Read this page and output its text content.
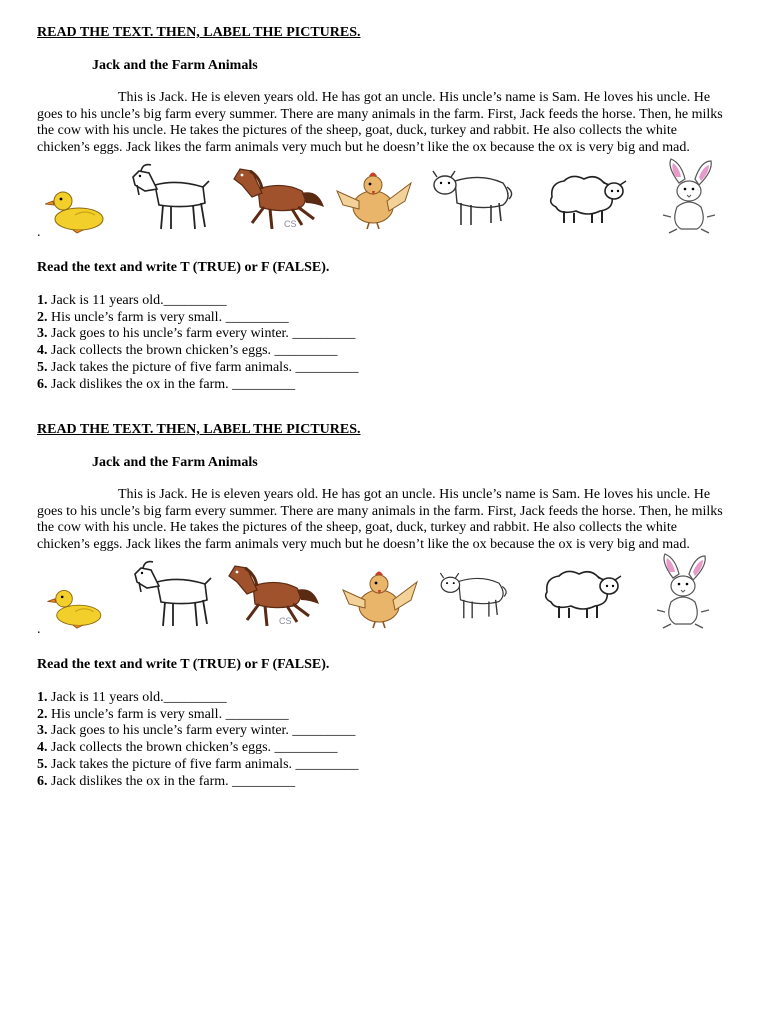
READ THE TEXT. THEN, LABEL THE PICTURES.

Jack and the Farm Animals

This is Jack. He is eleven years old. He has got an uncle. His uncle’s name is Sam. He loves his uncle. He goes to his uncle’s big farm every summer. There are many animals in the farm. First, Jack feeds the horse. Then, he milks the cow with his uncle. He takes the pictures of the sheep, goat, duck, turkey and rabbit. He also collects the white chicken’s eggs. Jack likes the farm animals very much but he doesn’t like the ox because the ox is very big and mad.

.
CS

Read the text and write T (TRUE) or F (FALSE).

1. Jack is 11 years old._________
2. His uncle’s farm is very small. _________
3. Jack goes to his uncle’s farm every winter. _________
4. Jack collects the brown chicken’s eggs. _________
5. Jack takes the picture of five farm animals. _________
6. Jack dislikes the ox in the farm. _________

READ THE TEXT. THEN, LABEL THE PICTURES.

Jack and the Farm Animals

This is Jack. He is eleven years old. He has got an uncle. His uncle’s name is Sam. He loves his uncle. He goes to his uncle’s big farm every summer. There are many animals in the farm. First, Jack feeds the horse. Then, he milks the cow with his uncle. He takes the pictures of the sheep, goat, duck, turkey and rabbit. He also collects the white chicken’s eggs. Jack likes the farm animals very much but he doesn’t like the ox because the ox is very big and mad.

.
CS

Read the text and write T (TRUE) or F (FALSE).

1. Jack is 11 years old._________
2. His uncle’s farm is very small. _________
3. Jack goes to his uncle’s farm every winter. _________
4. Jack collects the brown chicken’s eggs. _________
5. Jack takes the picture of five farm animals. _________
6. Jack dislikes the ox in the farm. _________
